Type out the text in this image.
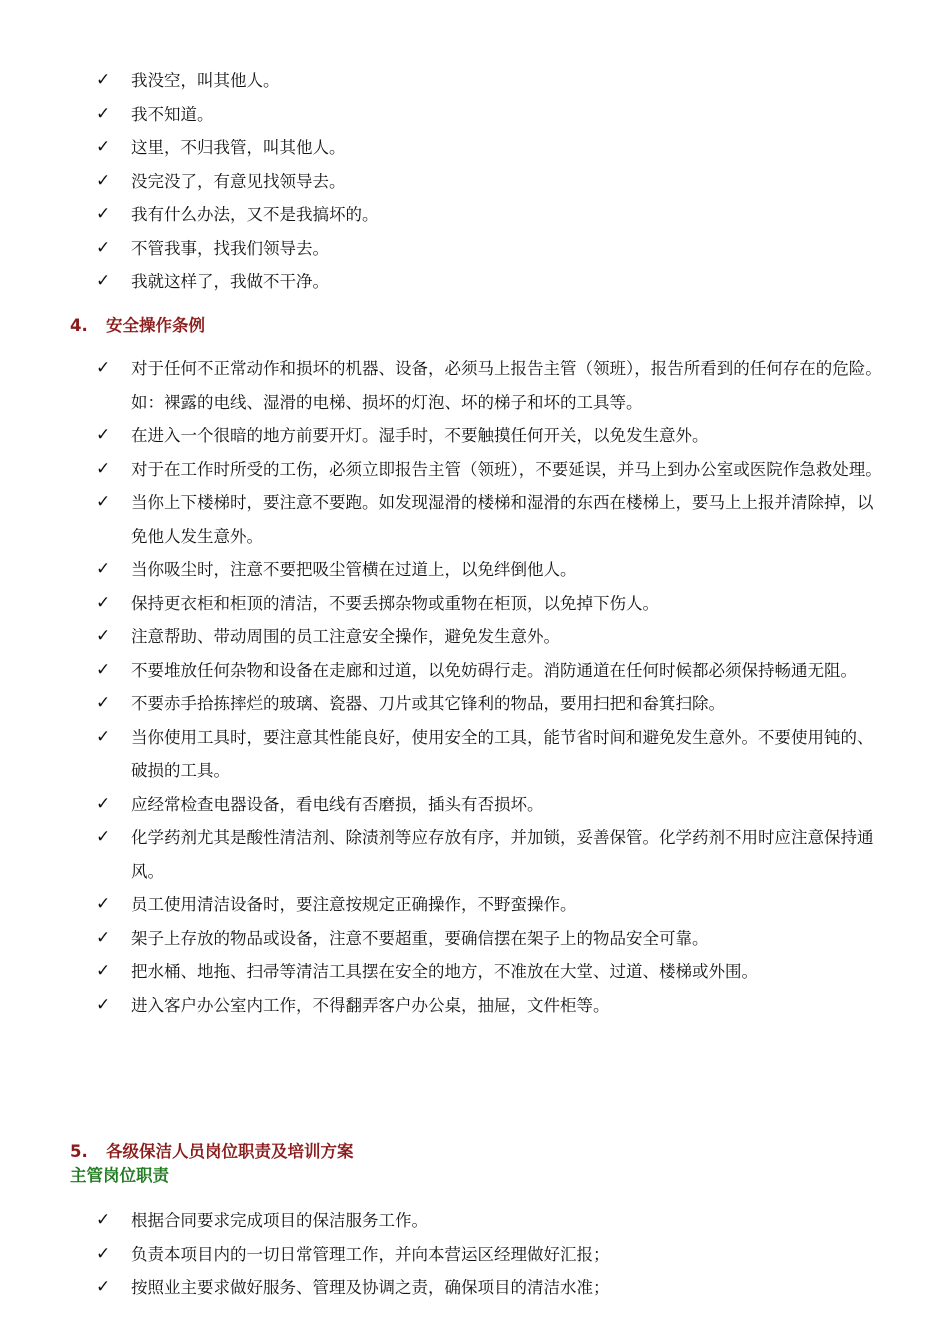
✓ 我没空，叫其他人。
✓ 我不知道。
✓ 这里，不归我管，叫其他人。
✓ 没完没了，有意见找领导去。
✓ 我有什么办法，又不是我搞坏的。
✓ 不管我事，找我们领导去。
✓ 我就这样了，我做不干净。
4. 安全操作条例
✓ 对于任何不正常动作和损坏的机器、设备，必须马上报告主管（领班），报告所看到的任何存在的危险。如：裸露的电线、湿滑的电梯、损坏的灯泡、坏的梯子和坏的工具等。
✓ 在进入一个很暗的地方前要开灯。湿手时，不要触摸任何开关，以免发生意外。
✓ 对于在工作时所受的工伤，必须立即报告主管（领班），不要延误，并马上到办公室或医院作急救处理。
✓ 当你上下楼梯时，要注意不要跑。如发现湿滑的楼梯和湿滑的东西在楼梯上，要马上上报并清除掉，以免他人发生意外。
✓ 当你吸尘时，注意不要把吸尘管横在过道上，以免绊倒他人。
✓ 保持更衣柜和柜顶的清洁，不要丢掷杂物或重物在柜顶，以免掉下伤人。
✓ 注意帮助、带动周围的员工注意安全操作，避免发生意外。
✓ 不要堆放任何杂物和设备在走廊和过道，以免妨碍行走。消防通道在任何时候都必须保持畅通无阻。
✓ 不要赤手拾拣摔烂的玻璃、瓷器、刀片或其它锋利的物品，要用扫把和畚箕扫除。
✓ 当你使用工具时，要注意其性能良好，使用安全的工具，能节省时间和避免发生意外。不要使用钝的、破损的工具。
✓ 应经常检查电器设备，看电线有否磨损，插头有否损坏。
✓ 化学药剂尤其是酸性清洁剂、除渍剂等应存放有序，并加锁，妥善保管。化学药剂不用时应注意保持通风。
✓ 员工使用清洁设备时，要注意按规定正确操作，不野蛮操作。
✓ 架子上存放的物品或设备，注意不要超重，要确信摆在架子上的物品安全可靠。
✓ 把水桶、地拖、扫帚等清洁工具摆在安全的地方，不准放在大堂、过道、楼梯或外围。
✓ 进入客户办公室内工作，不得翻弄客户办公桌，抽屉，文件柜等。
5. 各级保洁人员岗位职责及培训方案
主管岗位职责
✓ 根据合同要求完成项目的保洁服务工作。
✓ 负责本项目内的一切日常管理工作，并向本营运区经理做好汇报；
✓ 按照业主要求做好服务、管理及协调之责，确保项目的清洁水准；
